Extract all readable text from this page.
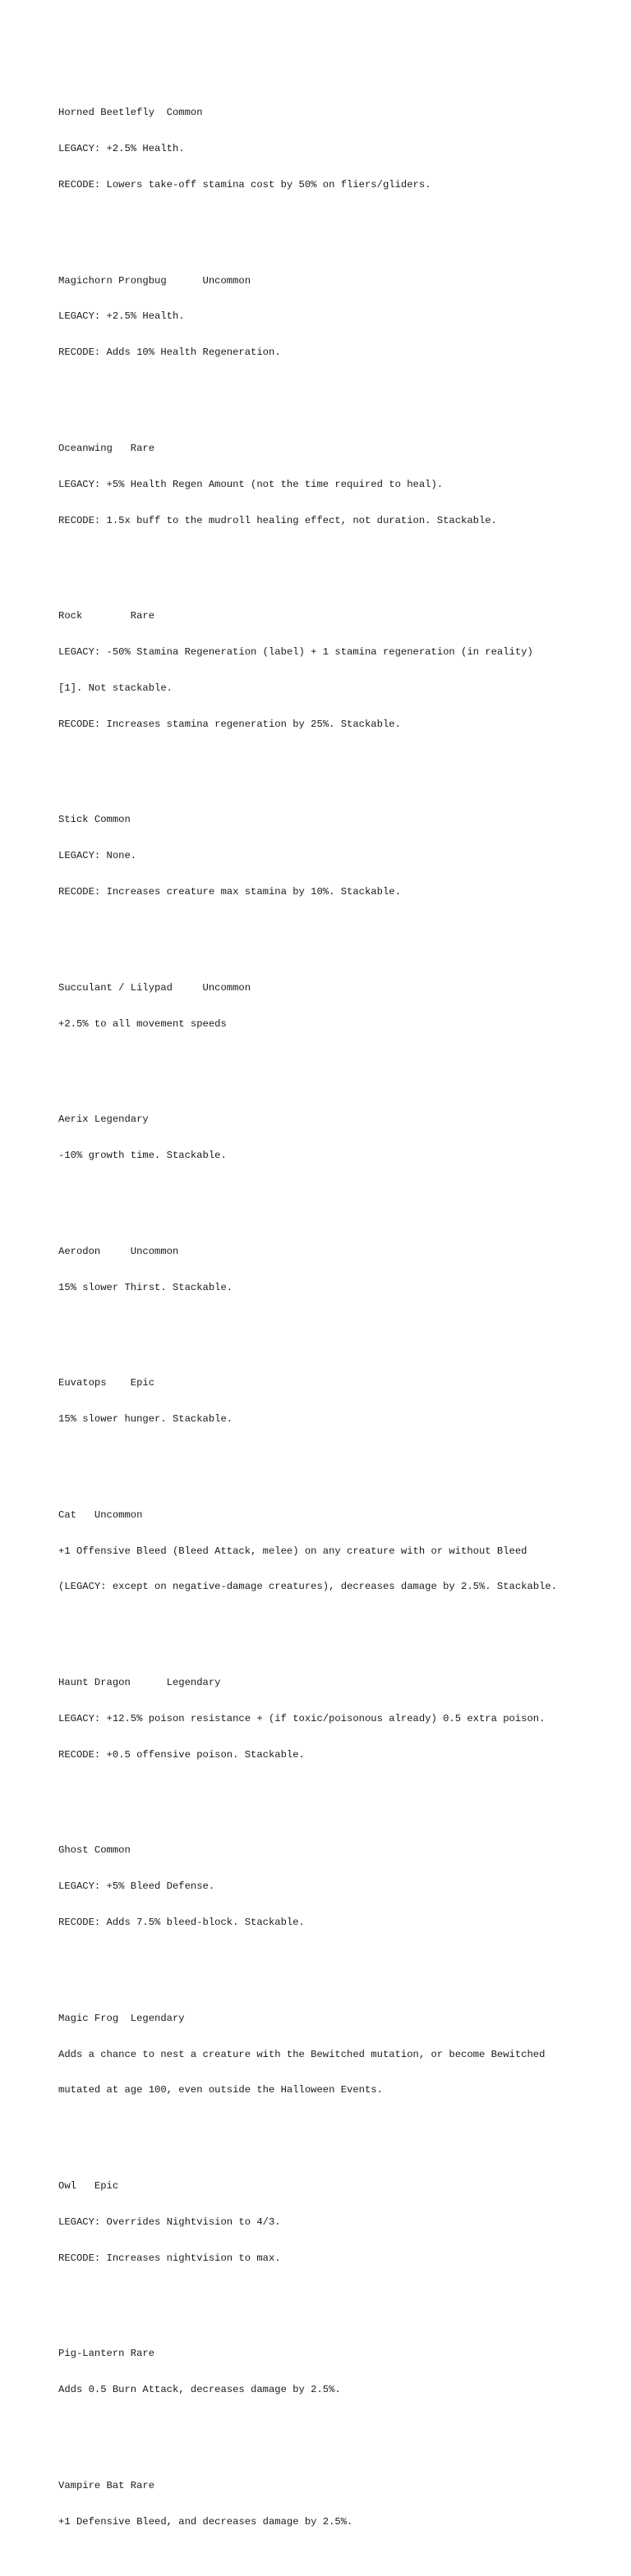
Horned Beetlefly  Common

LEGACY: +2.5% Health.

RECODE: Lowers take-off stamina cost by 50% on fliers/gliders.

Magichorn Prongbug      Uncommon

LEGACY: +2.5% Health.

RECODE: Adds 10% Health Regeneration.

Oceanwing   Rare

LEGACY: +5% Health Regen Amount (not the time required to heal).

RECODE: 1.5x buff to the mudroll healing effect, not duration. Stackable.

Rock        Rare

LEGACY: -50% Stamina Regeneration (label) + 1 stamina regeneration (in reality)

[1]. Not stackable.

RECODE: Increases stamina regeneration by 25%. Stackable.

Stick Common

LEGACY: None.

RECODE: Increases creature max stamina by 10%. Stackable.

Succulant / Lilypad     Uncommon

+2.5% to all movement speeds

Aerix Legendary

-10% growth time. Stackable.

Aerodon     Uncommon

15% slower Thirst. Stackable.

Euvatops    Epic

15% slower hunger. Stackable.

Cat   Uncommon

+1 Offensive Bleed (Bleed Attack, melee) on any creature with or without Bleed

(LEGACY: except on negative-damage creatures), decreases damage by 2.5%. Stackable.

Haunt Dragon      Legendary

LEGACY: +12.5% poison resistance + (if toxic/poisonous already) 0.5 extra poison.

RECODE: +0.5 offensive poison. Stackable.

Ghost Common

LEGACY: +5% Bleed Defense.

RECODE: Adds 7.5% bleed-block. Stackable.

Magic Frog  Legendary

Adds a chance to nest a creature with the Bewitched mutation, or become Bewitched

mutated at age 100, even outside the Halloween Events.

Owl   Epic

LEGACY: Overrides Nightvision to 4/3.

RECODE: Increases nightvision to max.

Pig-Lantern Rare

Adds 0.5 Burn Attack, decreases damage by 2.5%.

Vampire Bat Rare

+1 Defensive Bleed, and decreases damage by 2.5%.
